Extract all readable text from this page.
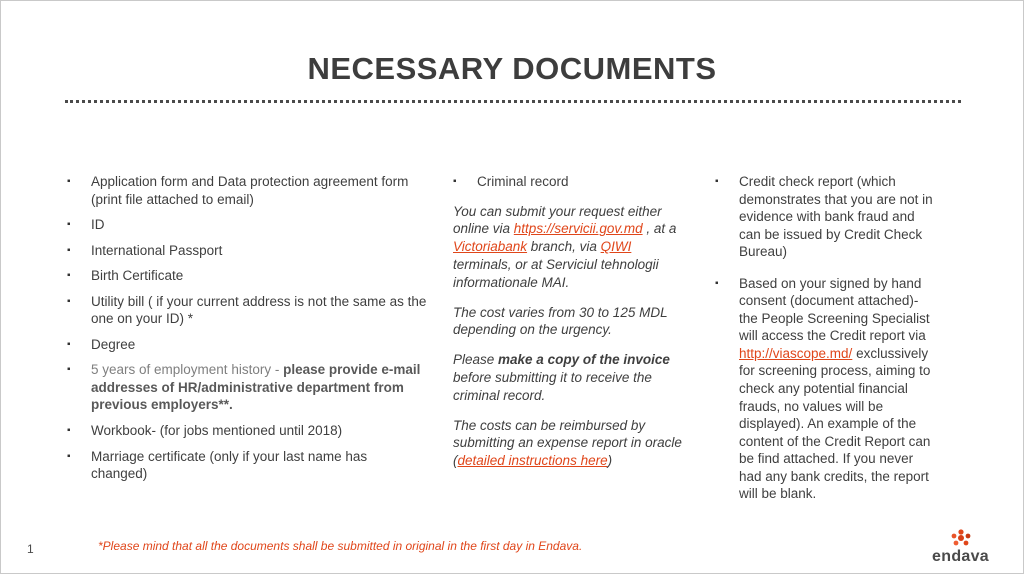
NECESSARY DOCUMENTS
▪	Application form and Data protection agreement form (print file attached to email)
▪	ID
▪	International Passport
▪	Birth Certificate
▪	Utility bill ( if your current address is not the same as the one on your ID) *
▪	Degree
▪	5 years of employment history - please provide e-mail addresses of HR/administrative department from previous employers**.
▪	Workbook- (for jobs mentioned until 2018)
▪	Marriage certificate (only if your last name has changed)
▪	Criminal record

You can submit your request either online via https://servicii.gov.md , at a Victoriabank branch, via QIWI terminals, or at Serviciul tehnologii informationale MAI.

The cost varies from 30 to 125 MDL depending on the urgency.

Please make a copy of the invoice before submitting it to receive the criminal record.

The costs can be reimbursed by submitting an expense report in oracle (detailed instructions here)

▪	Credit check report (which demonstrates that you are not in evidence with bank fraud and can be issued by Credit Check Bureau)
▪	Based on your signed by hand consent (document attached)- the People Screening Specialist will access the Credit report via http://viascope.md/ exclussively for screening process, aiming to check any potential financial frauds, no values will be displayed). An example of the content of the Credit Report can be find attached. If you never had any bank credits, the report will be blank.
*Please mind that all the documents shall be submitted in original in the first day in Endava.
1	endava
